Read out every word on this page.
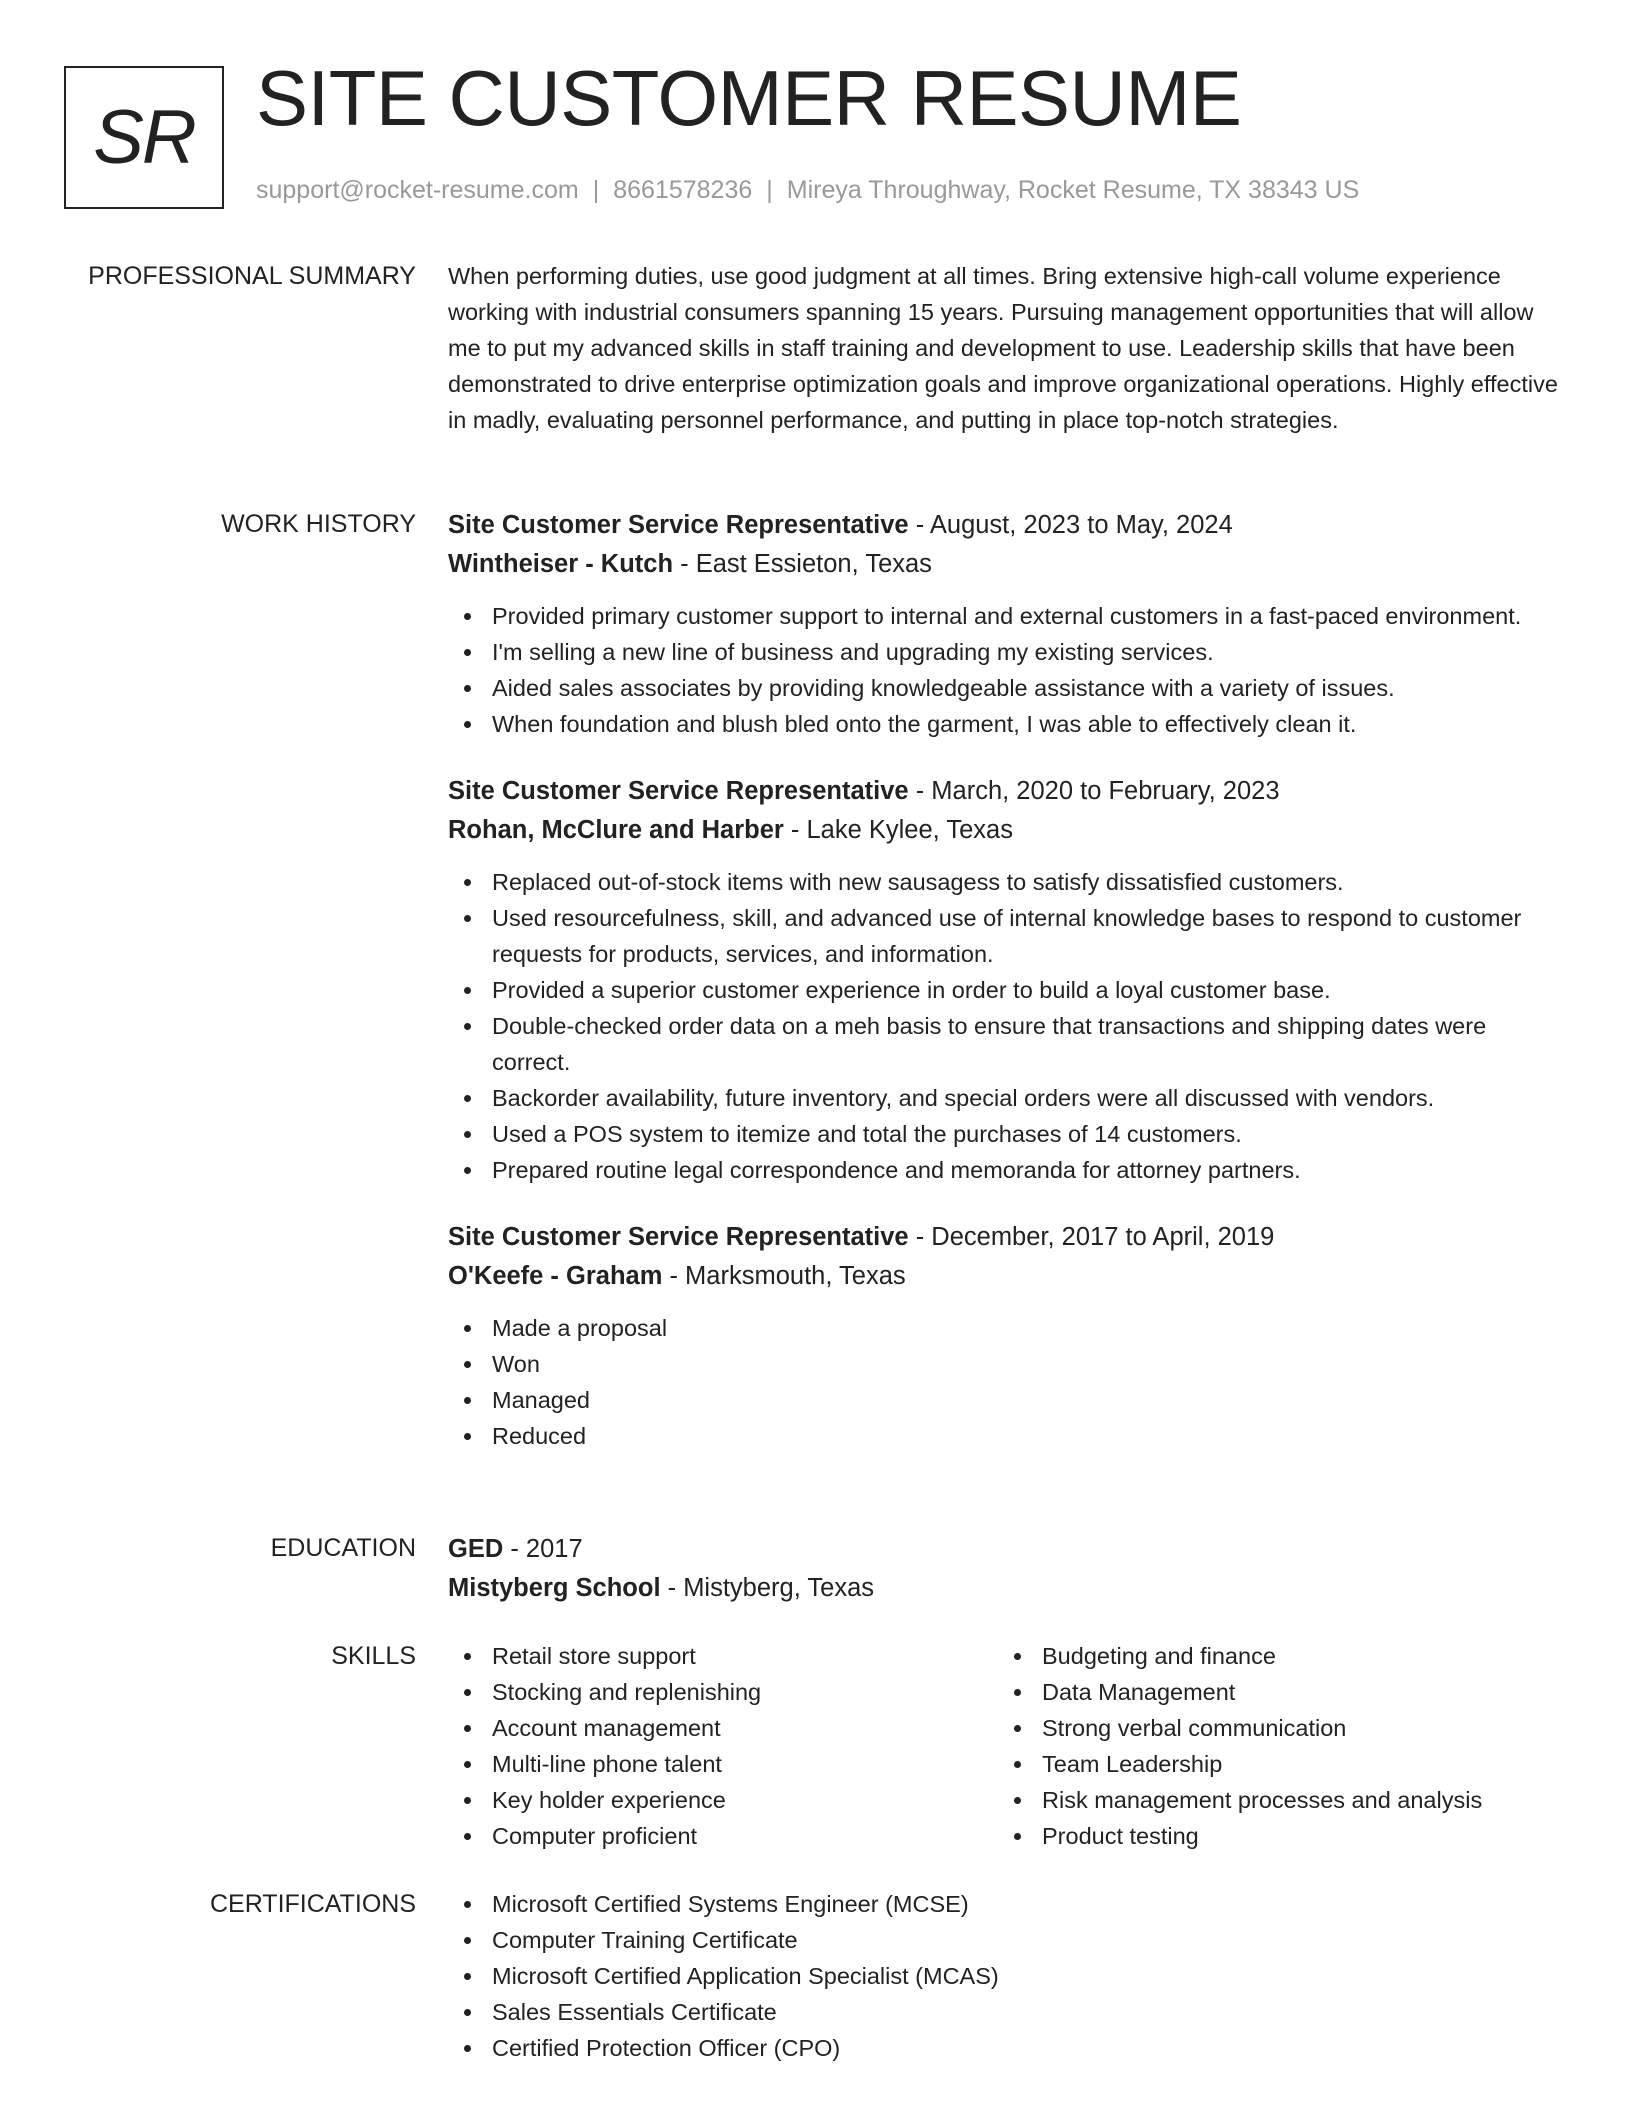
SR SITE CUSTOMER RESUME
support@rocket-resume.com | 8661578236 | Mireya Throughway, Rocket Resume, TX 38343 US
PROFESSIONAL SUMMARY When performing duties, use good judgment at all times. Bring extensive high-call volume experience working with industrial consumers spanning 15 years. Pursuing management opportunities that will allow me to put my advanced skills in staff training and development to use. Leadership skills that have been demonstrated to drive enterprise optimization goals and improve organizational operations. Highly effective in madly, evaluating personnel performance, and putting in place top-notch strategies.
WORK HISTORY Site Customer Service Representative - August, 2023 to May, 2024
Wintheiser - Kutch - East Essieton, Texas
Provided primary customer support to internal and external customers in a fast-paced environment.
I'm selling a new line of business and upgrading my existing services.
Aided sales associates by providing knowledgeable assistance with a variety of issues.
When foundation and blush bled onto the garment, I was able to effectively clean it.
Site Customer Service Representative - March, 2020 to February, 2023
Rohan, McClure and Harber - Lake Kylee, Texas
Replaced out-of-stock items with new sausagess to satisfy dissatisfied customers.
Used resourcefulness, skill, and advanced use of internal knowledge bases to respond to customer requests for products, services, and information.
Provided a superior customer experience in order to build a loyal customer base.
Double-checked order data on a meh basis to ensure that transactions and shipping dates were correct.
Backorder availability, future inventory, and special orders were all discussed with vendors.
Used a POS system to itemize and total the purchases of 14 customers.
Prepared routine legal correspondence and memoranda for attorney partners.
Site Customer Service Representative - December, 2017 to April, 2019
O'Keefe - Graham - Marksmouth, Texas
Made a proposal
Won
Managed
Reduced
EDUCATION GED - 2017
Mistyberg School - Mistyberg, Texas
SKILLS	Retail store support
Stocking and replenishing
Account management
Multi-line phone talent
Key holder experience
Computer proficient
Budgeting and finance
Data Management
Strong verbal communication
Team Leadership
Risk management processes and analysis
Product testing
CERTIFICATIONS	Microsoft Certified Systems Engineer (MCSE)
Computer Training Certificate
Microsoft Certified Application Specialist (MCAS)
Sales Essentials Certificate
Certified Protection Officer (CPO)
